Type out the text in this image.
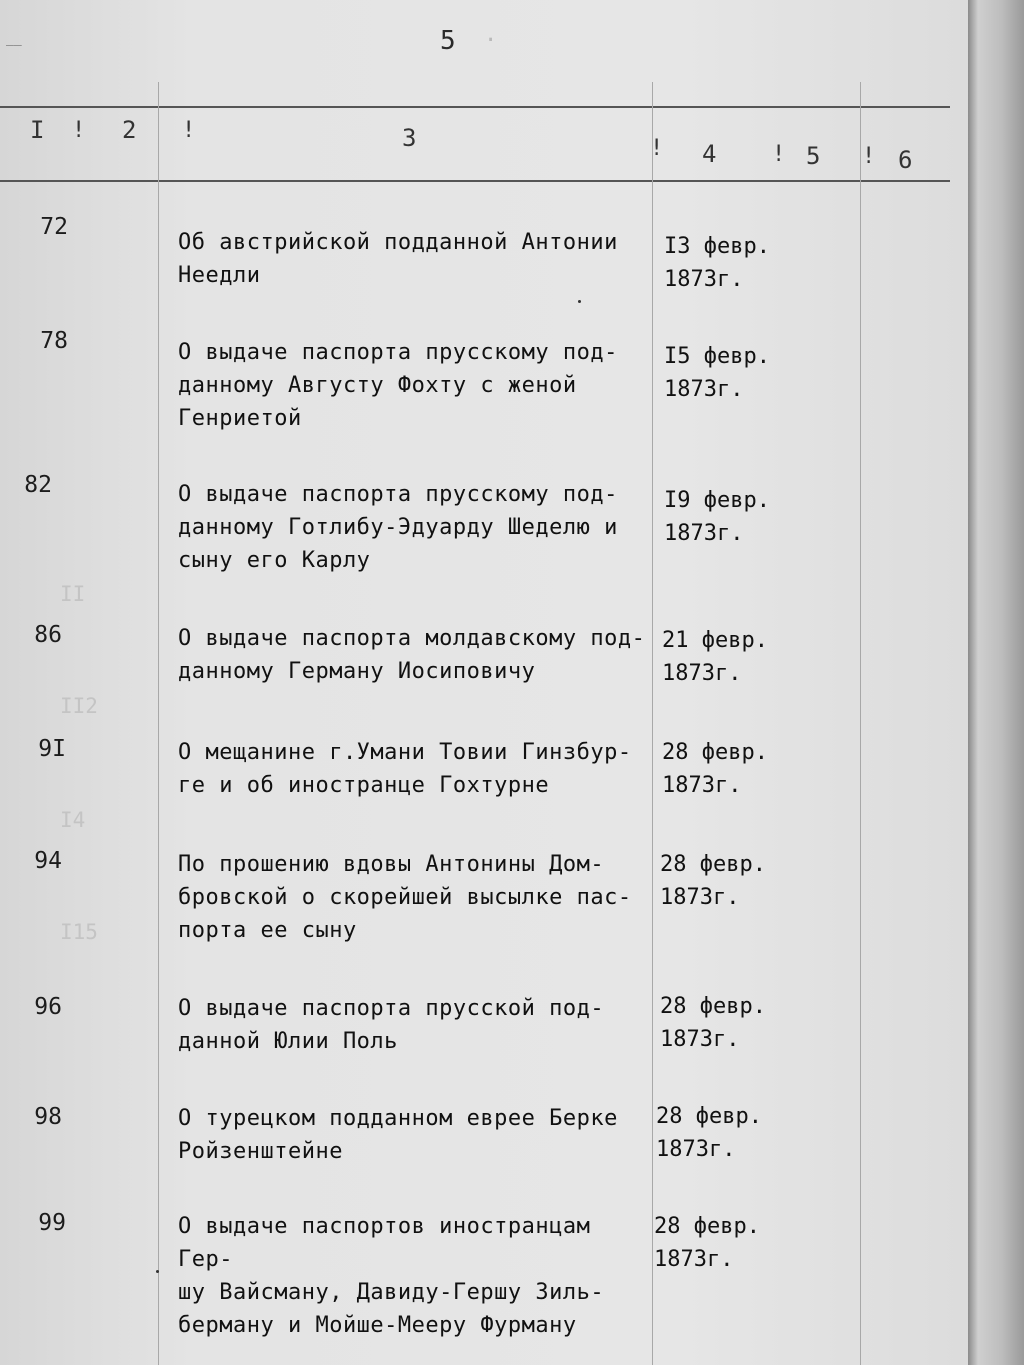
——	5 ·
I ! 2 !	3	! 4	! 5 ! 6
II
II2
I4
I15
72
Об австрийской подданной Антонии
Неедли
I3 февр.
1873г.
78	О выдаче паспорта прусскому под-
данному Августу Фохту с женой
Генриетой
I5 февр.
1873г.
82	О выдаче паспорта прусскому под-
данному Готлибу-Эдуарду Шеделю и
сыну его Карлу
I9 февр.
1873г.
86	О выдаче паспорта молдавскому под-
данному Герману Иосиповичу
21 февр.
1873г.
9I	О мещанине г.Умани Товии Гинзбур-
ге и об иностранце Гохтурне
28 февр.
1873г.
94	По прошению вдовы Антонины Дом-
бровской о скорейшей высылке пас-
порта ее сыну
28 февр.
1873г.
96	О выдаче паспорта прусской под-
данной Юлии Поль
28 февр.
1873г.
98	О турецком подданном еврее Берке
Ройзенштейне
28 февр.
1873г.
99	О выдаче паспортов иностранцам Гер-
шу Вайсману, Давиду-Гершу Зиль-
берману и Мойше-Мееру Фурману
28 февр.
1873г.
